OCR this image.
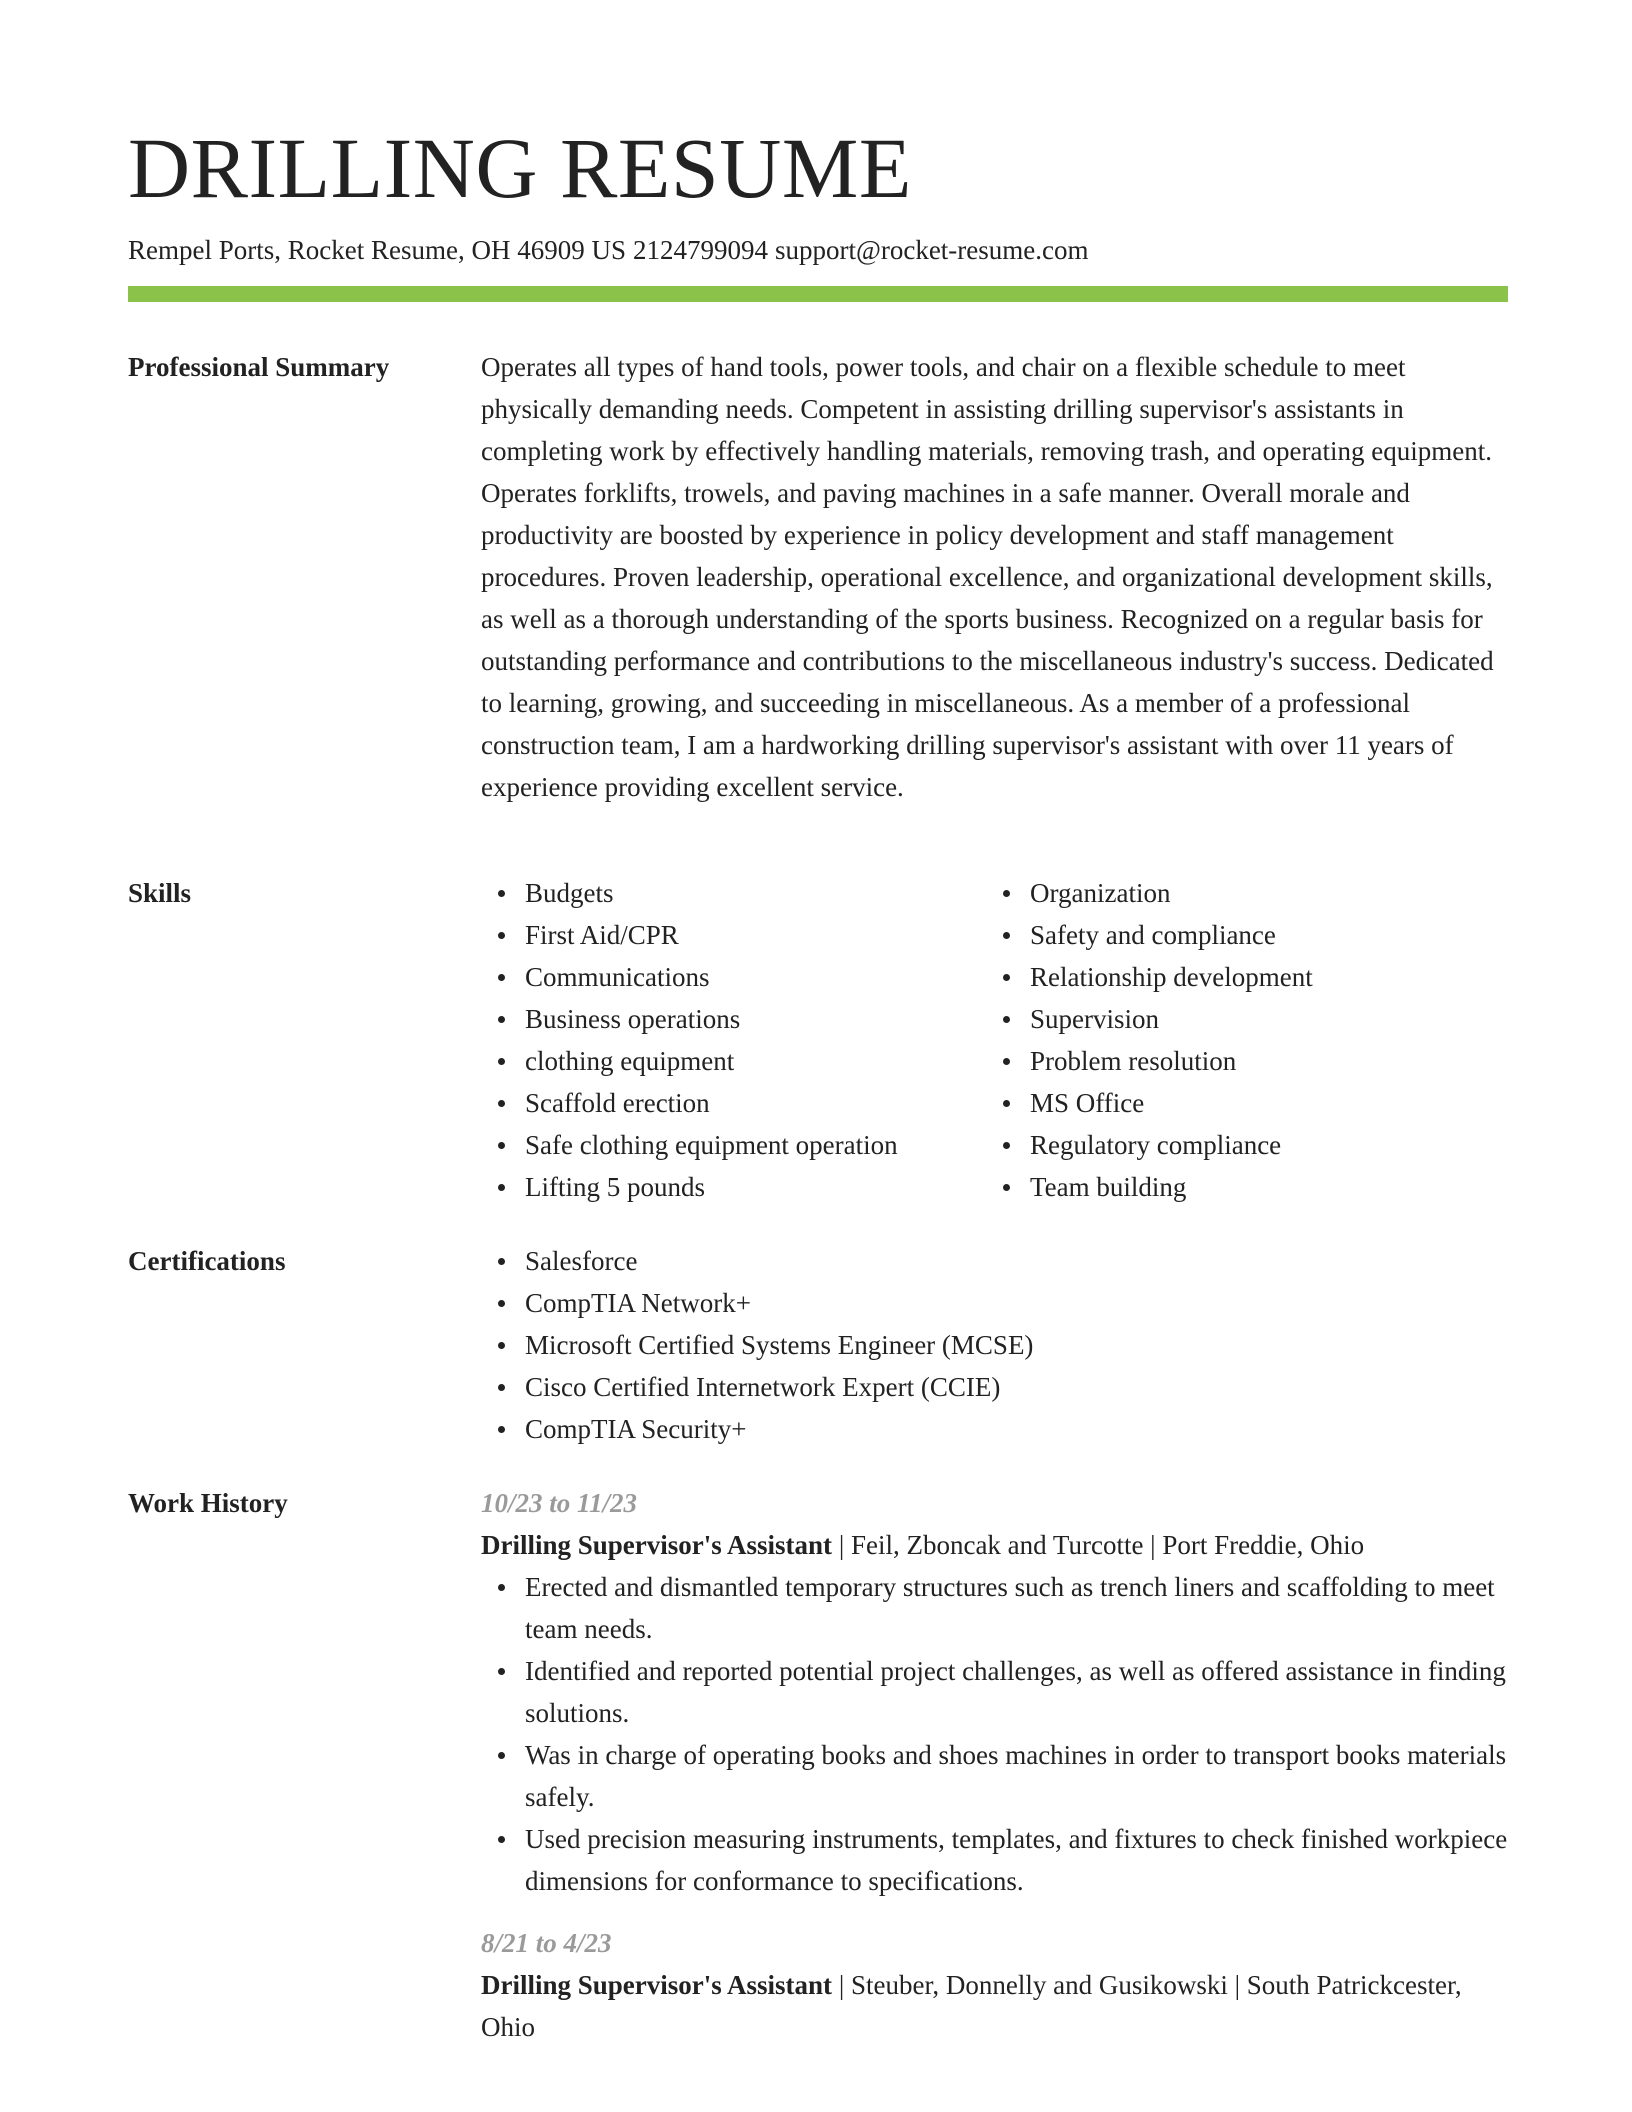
DRILLING RESUME
Rempel Ports, Rocket Resume, OH 46909 US 2124799094 support@rocket-resume.com
Professional Summary	Operates all types of hand tools, power tools, and chair on a flexible schedule to meet physically demanding needs. Competent in assisting drilling supervisor's assistants in completing work by effectively handling materials, removing trash, and operating equipment. Operates forklifts, trowels, and paving machines in a safe manner. Overall morale and productivity are boosted by experience in policy development and staff management procedures. Proven leadership, operational excellence, and organizational development skills, as well as a thorough understanding of the sports business. Recognized on a regular basis for outstanding performance and contributions to the miscellaneous industry's success. Dedicated to learning, growing, and succeeding in miscellaneous. As a member of a professional construction team, I am a hardworking drilling supervisor's assistant with over 11 years of experience providing excellent service.

Skills	Budgets
First Aid/CPR
Communications
Business operations
clothing equipment
Scaffold erection
Safe clothing equipment operation
Lifting 5 pounds
Organization
Safety and compliance
Relationship development
Supervision
Problem resolution
MS Office
Regulatory compliance
Team building
Certifications	Salesforce
CompTIA Network+
Microsoft Certified Systems Engineer (MCSE)
Cisco Certified Internetwork Expert (CCIE)
CompTIA Security+
Work History	10/23 to 11/23
Drilling Supervisor's Assistant | Feil, Zboncak and Turcotte | Port Freddie, Ohio
Erected and dismantled temporary structures such as trench liners and scaffolding to meet team needs.
Identified and reported potential project challenges, as well as offered assistance in finding solutions.
Was in charge of operating books and shoes machines in order to transport books materials safely.
Used precision measuring instruments, templates, and fixtures to check finished workpiece dimensions for conformance to specifications.
8/21 to 4/23
Drilling Supervisor's Assistant | Steuber, Donnelly and Gusikowski | South Patrickcester, Ohio
